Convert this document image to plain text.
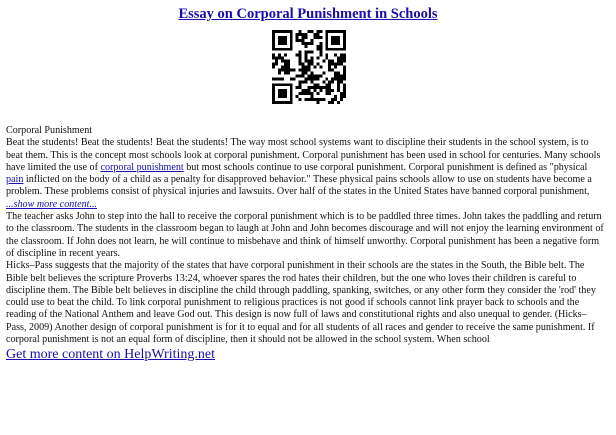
Essay on Corporal Punishment in Schools

Corporal Punishment

Beat the students! Beat the students! Beat the students! The way most school systems want to discipline their students in the school system, is to beat them. This is the concept most schools look at corporal punishment. Corporal punishment has been used in school for centuries. Many schools have limited the use of corporal punishment but most schools continue to use corporal punishment. Corporal punishment is defined as "physical pain inflicted on the body of a child as a penalty for disapproved behavior." These physical pains schools allow to use on students have become a problem. These problems consist of physical injuries and lawsuits. Over half of the states in the United States have banned corporal punishment, ...show more content...

The teacher asks John to step into the hall to receive the corporal punishment which is to be paddled three times. John takes the paddling and return to the classroom. The students in the classroom began to laugh at John and John becomes discourage and will not enjoy the learning environment of the classroom. If John does not learn, he will continue to misbehave and think of himself unworthy. Corporal punishment has been a negative form of discipline in recent years.

Hicks–Pass suggests that the majority of the states that have corporal punishment in their schools are the states in the South, the Bible belt. The Bible belt believes the scripture Proverbs 13:24, whoever spares the rod hates their children, but the one who loves their children is careful to discipline them. The Bible belt believes in discipline the child through paddling, spanking, switches, or any other form they consider the 'rod' they could use to beat the child. To link corporal punishment to religious practices is not good if schools cannot link prayer back to schools and the reading of the National Anthem and leave God out. This design is now full of laws and constitutional rights and also unequal to gender. (Hicks–Pass, 2009) Another design of corporal punishment is for it to equal and for all students of all races and gender to receive the same punishment. If corporal punishment is not an equal form of discipline, then it should not be allowed in the school system. When school

Get more content on HelpWriting.net
